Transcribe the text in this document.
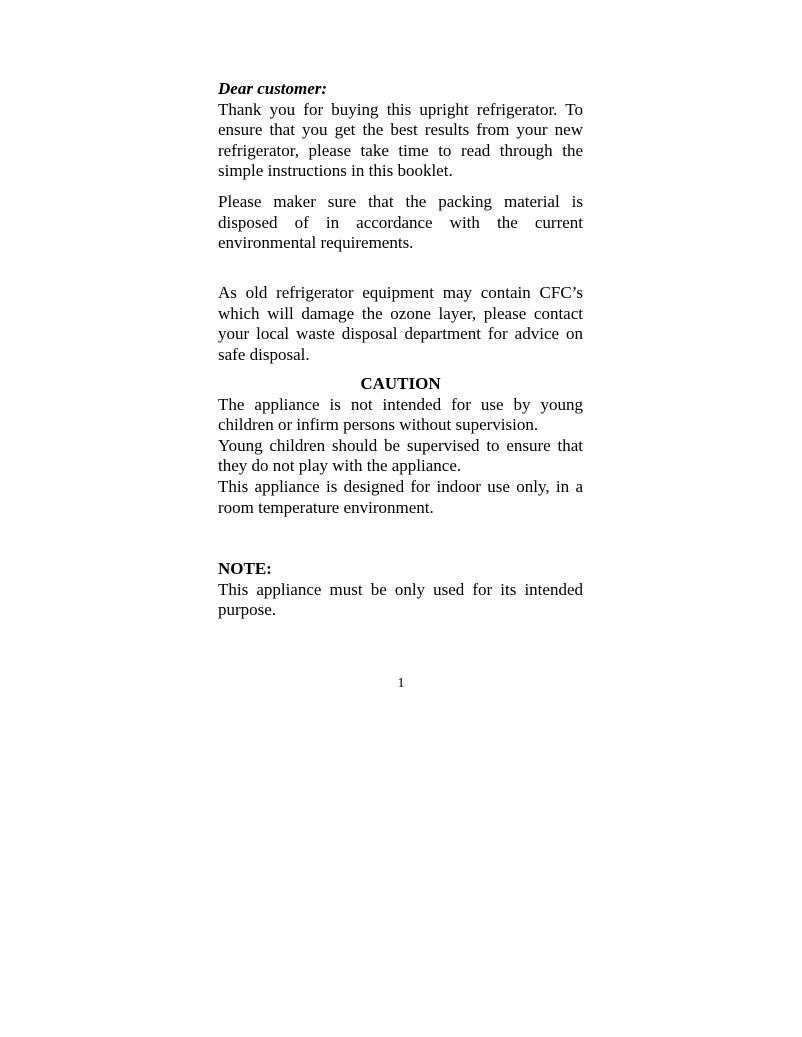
Dear customer:
Thank you for buying this upright refrigerator. To
ensure that you get the best results from your new
refrigerator, please take time to read through the
simple instructions in this booklet.
Please maker sure that the packing material is
disposed of in accordance with the current
environmental requirements.
As old refrigerator equipment may contain CFC’s
which will damage the ozone layer, please contact
your local waste disposal department for advice on
safe disposal.
CAUTION
The appliance is not intended for use by young
children or infirm persons without supervision.
Young children should be supervised to ensure that
they do not play with the appliance.
This appliance is designed for indoor use only, in a
room temperature environment.
NOTE:
This appliance must be only used for its intended
purpose.
1
